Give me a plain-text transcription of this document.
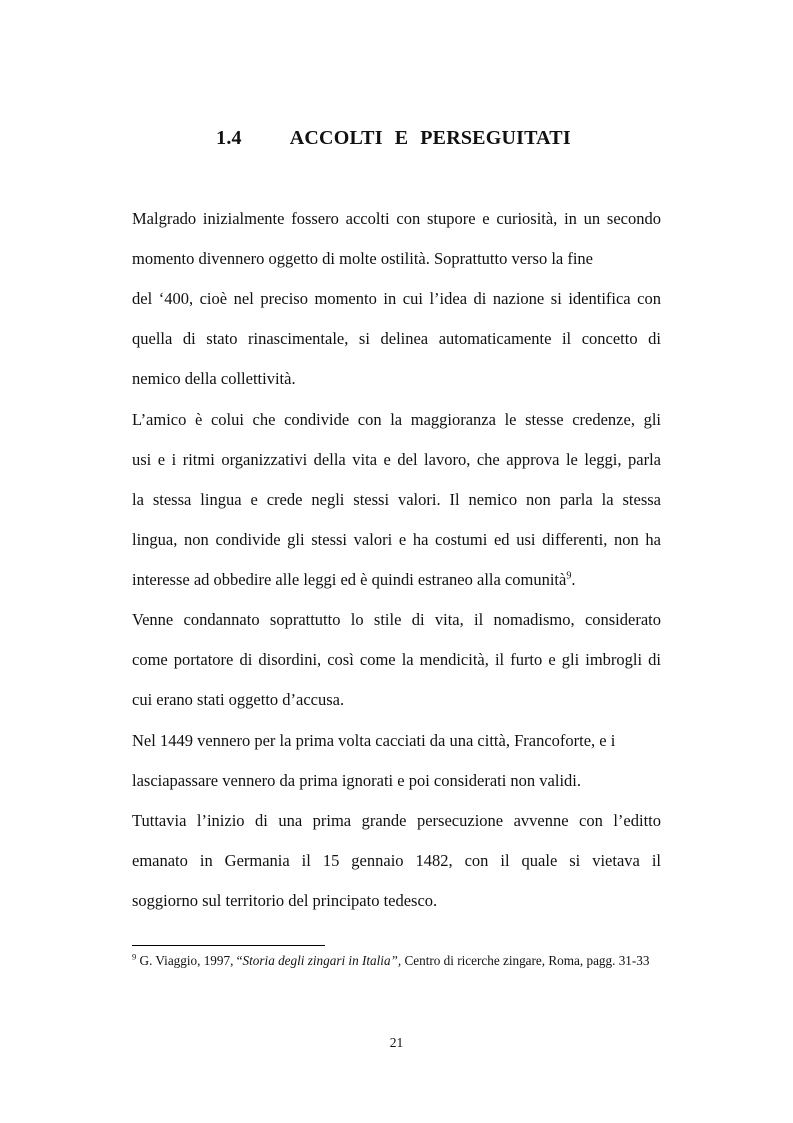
1.4 ACCOLTI E PERSEGUITATI
Malgrado inizialmente fossero accolti con stupore e curiosità, in un secondo
momento divennero oggetto di molte ostilità. Soprattutto verso la fine
del ‘400, cioè nel preciso momento in cui l’idea di nazione si identifica con
quella di stato rinascimentale, si delinea automaticamente il concetto di
nemico della collettività.
L’amico è colui che condivide con la maggioranza le stesse credenze, gli
usi e i ritmi organizzativi della vita e del lavoro, che approva le leggi, parla
la stessa lingua e crede negli stessi valori. Il nemico non parla la stessa
lingua, non condivide gli stessi valori e ha costumi ed usi differenti, non ha
interesse ad obbedire alle leggi ed è quindi estraneo alla comunità$^9$.
Venne condannato soprattutto lo stile di vita, il nomadismo, considerato
come portatore di disordini, così come la mendicità, il furto e gli imbrogli di
cui erano stati oggetto d’accusa.
Nel 1449 vennero per la prima volta cacciati da una città, Francoforte, e i
lasciapassare vennero da prima ignorati e poi considerati non validi.
Tuttavia l’inizio di una prima grande persecuzione avvenne con l’editto
emanato in Germania il 15 gennaio 1482, con il quale si vietava il
soggiorno sul territorio del principato tedesco.
$^9$ G. Viaggio, 1997, “Storia degli zingari in Italia”, Centro di ricerche zingare, Roma, pagg. 31-33
21
